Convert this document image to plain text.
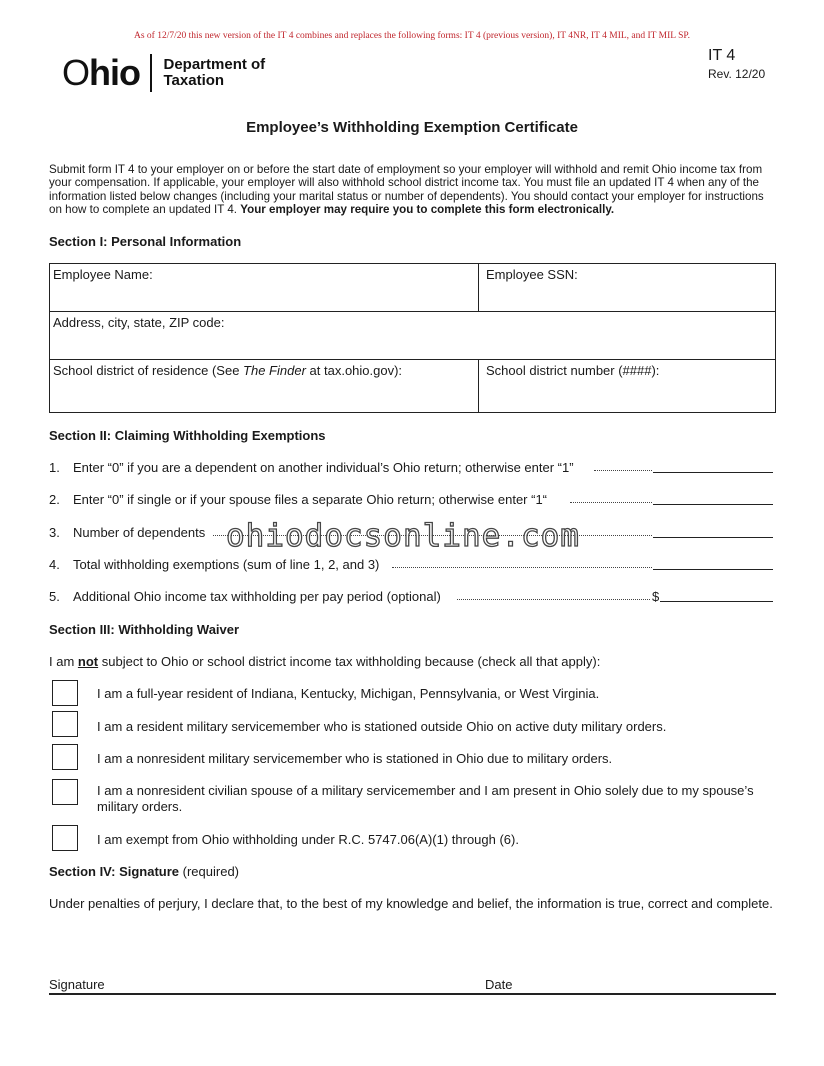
As of 12/7/20 this new version of the IT 4 combines and replaces the following forms: IT 4 (previous version), IT 4NR, IT 4 MIL, and IT MIL SP.
Ohio Department of
Taxation
IT 4
Rev. 12/20
Employee’s Withholding Exemption Certificate
Submit form IT 4 to your employer on or before the start date of employment so your employer will withhold and remit Ohio income tax from your compensation. If applicable, your employer will also withhold school district income tax. You must file an updated IT 4 when any of the information listed below changes (including your marital status or number of dependents). You should contact your employer for instructions on how to complete an updated IT 4. Your employer may require you to complete this form electronically.
Section I: Personal Information
Employee Name:	Employee SSN:
Address, city, state, ZIP code:
School district of residence (See The Finder at tax.ohio.gov):	School district number (####):
Section II: Claiming Withholding Exemptions
1. Enter “0” if you are a dependent on another individual’s Ohio return; otherwise enter “1”
2. Enter “0” if single or if your spouse files a separate Ohio return; otherwise enter “1“
3. Number of dependents
4. Total withholding exemptions (sum of line 1, 2, and 3)
5. Additional Ohio income tax withholding per pay period (optional)	$
ohiodocsonline.com
Section III: Withholding Waiver
I am not subject to Ohio or school district income tax withholding because (check all that apply):
I am a full-year resident of Indiana, Kentucky, Michigan, Pennsylvania, or West Virginia.
I am a resident military servicemember who is stationed outside Ohio on active duty military orders.
I am a nonresident military servicemember who is stationed in Ohio due to military orders.
I am a nonresident civilian spouse of a military servicemember and I am present in Ohio solely due to my spouse’s military orders.
I am exempt from Ohio withholding under R.C. 5747.06(A)(1) through (6).
Section IV: Signature (required)
Under penalties of perjury, I declare that, to the best of my knowledge and belief, the information is true, correct and complete.
Signature	Date
